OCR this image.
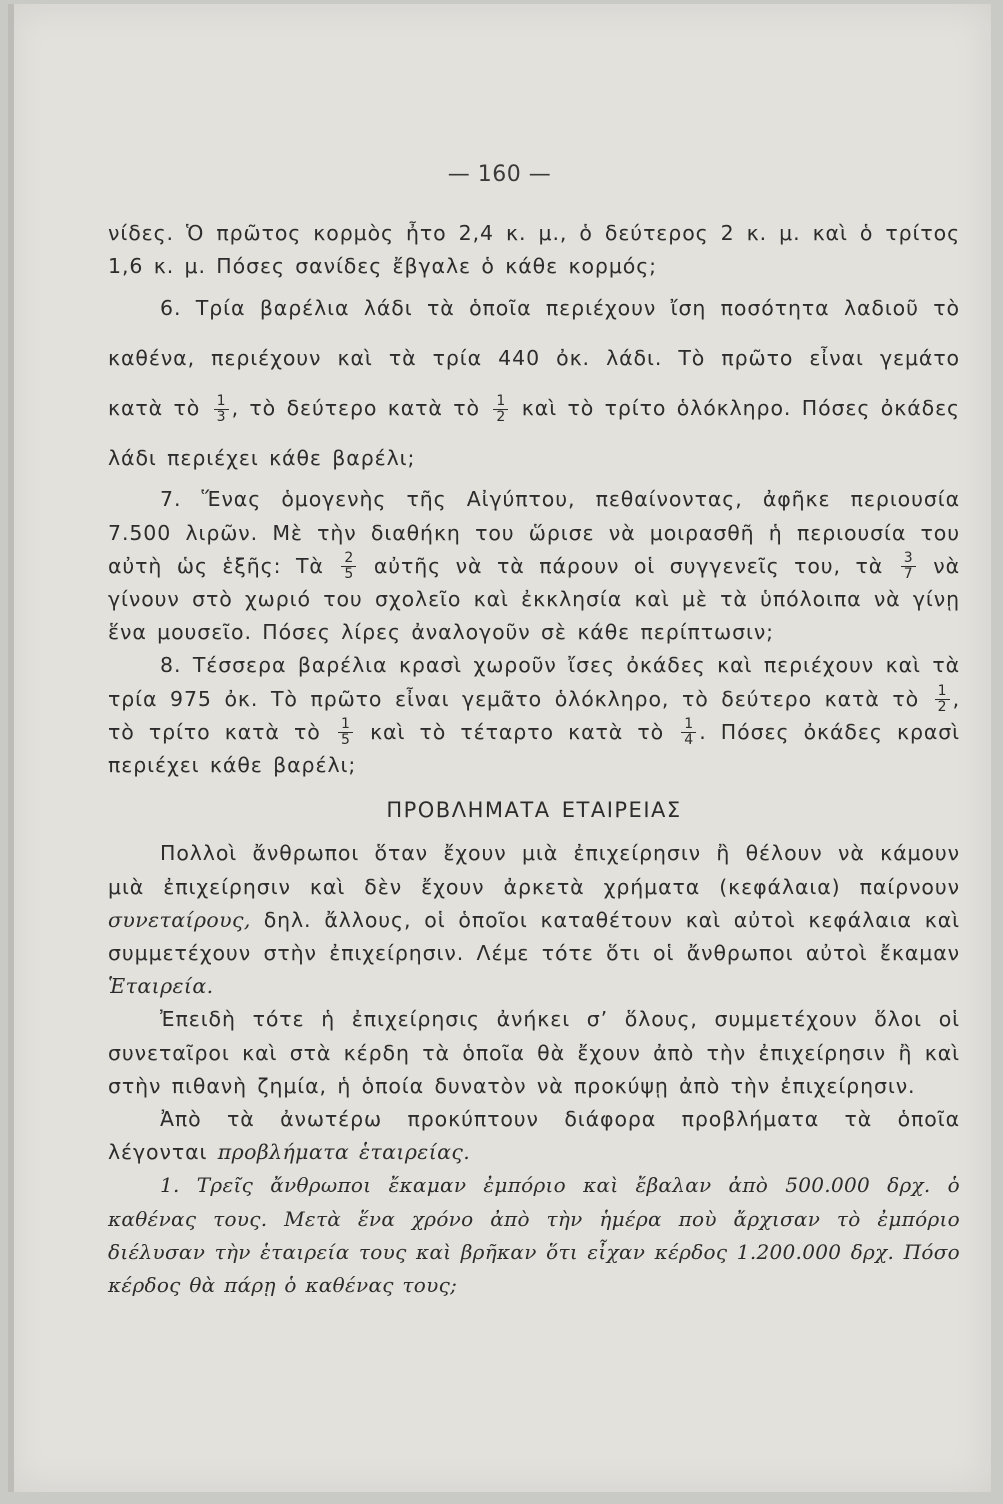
— 160 —

νίδες. Ὁ πρῶτος κορμὸς ἦτο 2,4 κ. μ., ὁ δεύτερος 2 κ. μ. καὶ ὁ τρίτος 1,6 κ. μ. Πόσες σανίδες ἔβγαλε ὁ κάθε κορμός;

6. Τρία βαρέλια λάδι τὰ ὁποῖα περιέχουν ἴση ποσότητα λαδιοῦ τὸ καθένα, περιέχουν καὶ τὰ τρία 440 ὀκ. λάδι. Τὸ πρῶτο εἶναι γεμάτο κατὰ τὸ $\frac{1}{3}$ , τὸ δεύτερο κατὰ τὸ $\frac{1}{2}$ καὶ τὸ τρίτο ὁλόκληρο. Πόσες ὀκάδες λάδι περιέχει κάθε βαρέλι;

7. Ἕνας ὁμογενὴς τῆς Αἰγύπτου, πεθαίνοντας, ἀφῆκε περιουσία 7.500 λιρῶν. Μὲ τὴν διαθήκη του ὥρισε νὰ μοιρασθῆ ἡ περιουσία του αὐτὴ ὡς ἑξῆς: Τὰ $\frac{2}{5}$ αὐτῆς νὰ τὰ πάρουν οἱ συγγενεῖς του, τὰ $\frac{3}{7}$ νὰ γίνουν στὸ χωριό του σχολεῖο καὶ ἐκκλησία καὶ μὲ τὰ ὑπόλοιπα νὰ γίνῃ ἕνα μουσεῖο. Πόσες λίρες ἀναλογοῦν σὲ κάθε περίπτωσιν;

8. Τέσσερα βαρέλια κρασὶ χωροῦν ἴσες ὀκάδες καὶ περιέχουν καὶ τὰ τρία 975 ὀκ. Τὸ πρῶτο εἶναι γεμᾶτο ὁλόκληρο, τὸ δεύτερο κατὰ τὸ $\frac{1}{2}$ , τὸ τρίτο κατὰ τὸ $\frac{1}{5}$ καὶ τὸ τέταρτο κατὰ τὸ $\frac{1}{4}$ . Πόσες ὀκάδες κρασὶ περιέχει κάθε βαρέλι;

ΠΡΟΒΛΗΜΑΤΑ ΕΤΑΙΡΕΙΑΣ

Πολλοὶ ἄνθρωποι ὅταν ἔχουν μιὰ ἐπιχείρησιν ἢ θέλουν νὰ κάμουν μιὰ ἐπιχείρησιν καὶ δὲν ἔχουν ἀρκετὰ χρήματα (κεφάλαια) παίρνουν συνεταίρους, δηλ. ἄλλους, οἱ ὁποῖοι καταθέτουν καὶ αὐτοὶ κεφάλαια καὶ συμμετέχουν στὴν ἐπιχείρησιν. Λέμε τότε ὅτι οἱ ἄνθρωποι αὐτοὶ ἔκαμαν Ἑταιρεία.

Ἐπειδὴ τότε ἡ ἐπιχείρησις ἀνήκει σ’ ὅλους, συμμετέχουν ὅλοι οἱ συνεταῖροι καὶ στὰ κέρδη τὰ ὁποῖα θὰ ἔχουν ἀπὸ τὴν ἐπιχείρησιν ἢ καὶ στὴν πιθανὴ ζημία, ἡ ὁποία δυνατὸν νὰ προκύψῃ ἀπὸ τὴν ἐπιχείρησιν.

Ἀπὸ τὰ ἀνωτέρω προκύπτουν διάφορα προβλήματα τὰ ὁποῖα λέγονται προβλήματα ἑταιρείας.

1. Τρεῖς ἄνθρωποι ἔκαμαν ἐμπόριο καὶ ἔβαλαν ἀπὸ 500.000 δρχ. ὁ καθένας τους. Μετὰ ἕνα χρόνο ἀπὸ τὴν ἡμέρα ποὺ ἄρχισαν τὸ ἐμπόριο διέλυσαν τὴν ἑταιρεία τους καὶ βρῆκαν ὅτι εἶχαν κέρδος 1.200.000 δρχ. Πόσο κέρδος θὰ πάρῃ ὁ καθένας τους;
